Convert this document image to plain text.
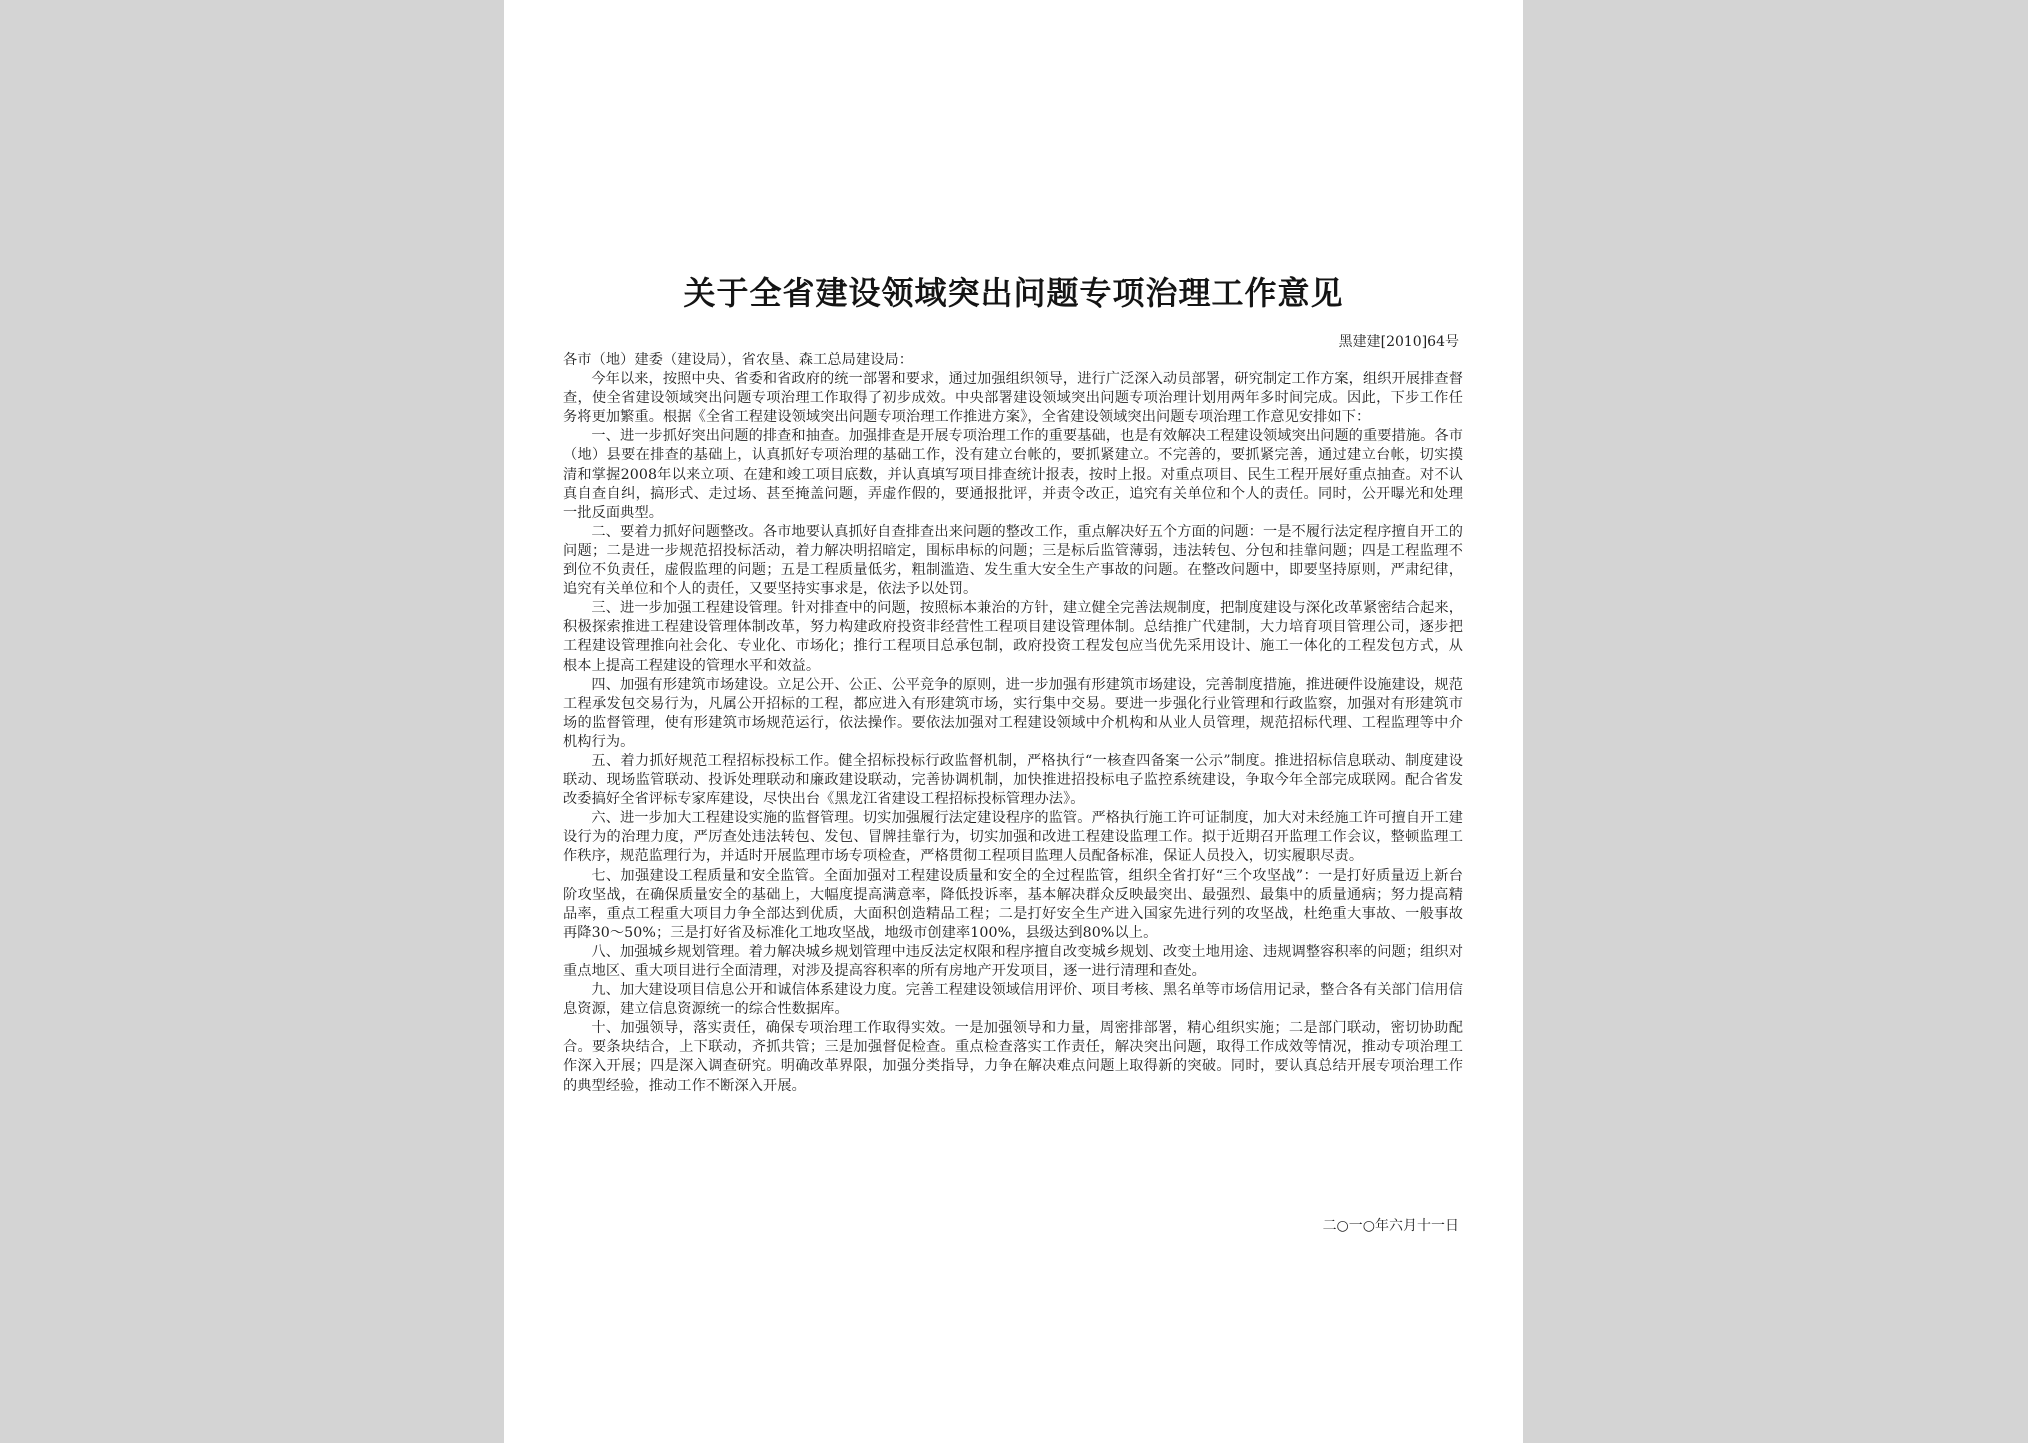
关于全省建设领域突出问题专项治理工作意见
黑建建[2010]64号

各市（地）建委（建设局），省农垦、森工总局建设局：

今年以来，按照中央、省委和省政府的统一部署和要求，通过加强组织领导，进行广泛深入动员部署，研究制定工作方案，组织开展排查督查，使全省建设领域突出问题专项治理工作取得了初步成效。中央部署建设领域突出问题专项治理计划用两年多时间完成。因此，下步工作任务将更加繁重。根据《全省工程建设领域突出问题专项治理工作推进方案》，全省建设领域突出问题专项治理工作意见安排如下：

一、进一步抓好突出问题的排查和抽查。加强排查是开展专项治理工作的重要基础，也是有效解决工程建设领域突出问题的重要措施。各市（地）县要在排查的基础上，认真抓好专项治理的基础工作，没有建立台帐的，要抓紧建立。不完善的，要抓紧完善，通过建立台帐，切实摸清和掌握2008年以来立项、在建和竣工项目底数，并认真填写项目排查统计报表，按时上报。对重点项目、民生工程开展好重点抽查。对不认真自查自纠，搞形式、走过场、甚至掩盖问题，弄虚作假的，要通报批评，并责令改正，追究有关单位和个人的责任。同时，公开曝光和处理一批反面典型。

二、要着力抓好问题整改。各市地要认真抓好自查排查出来问题的整改工作，重点解决好五个方面的问题：一是不履行法定程序擅自开工的问题；二是进一步规范招投标活动，着力解决明招暗定，围标串标的问题；三是标后监管薄弱，违法转包、分包和挂靠问题；四是工程监理不到位不负责任，虚假监理的问题；五是工程质量低劣，粗制滥造、发生重大安全生产事故的问题。在整改问题中，即要坚持原则，严肃纪律，追究有关单位和个人的责任，又要坚持实事求是，依法予以处罚。

三、进一步加强工程建设管理。针对排查中的问题，按照标本兼治的方针，建立健全完善法规制度，把制度建设与深化改革紧密结合起来，积极探索推进工程建设管理体制改革，努力构建政府投资非经营性工程项目建设管理体制。总结推广代建制，大力培育项目管理公司，逐步把工程建设管理推向社会化、专业化、市场化；推行工程项目总承包制，政府投资工程发包应当优先采用设计、施工一体化的工程发包方式，从根本上提高工程建设的管理水平和效益。

四、加强有形建筑市场建设。立足公开、公正、公平竞争的原则，进一步加强有形建筑市场建设，完善制度措施，推进硬件设施建设，规范工程承发包交易行为，凡属公开招标的工程，都应进入有形建筑市场，实行集中交易。要进一步强化行业管理和行政监察，加强对有形建筑市场的监督管理，使有形建筑市场规范运行，依法操作。要依法加强对工程建设领域中介机构和从业人员管理，规范招标代理、工程监理等中介机构行为。

五、着力抓好规范工程招标投标工作。健全招标投标行政监督机制，严格执行“一核查四备案一公示”制度。推进招标信息联动、制度建设联动、现场监管联动、投诉处理联动和廉政建设联动，完善协调机制，加快推进招投标电子监控系统建设，争取今年全部完成联网。配合省发改委搞好全省评标专家库建设，尽快出台《黑龙江省建设工程招标投标管理办法》。

六、进一步加大工程建设实施的监督管理。切实加强履行法定建设程序的监管。严格执行施工许可证制度，加大对未经施工许可擅自开工建设行为的治理力度，严厉查处违法转包、发包、冒牌挂靠行为，切实加强和改进工程建设监理工作。拟于近期召开监理工作会议，整顿监理工作秩序，规范监理行为，并适时开展监理市场专项检查，严格贯彻工程项目监理人员配备标准，保证人员投入，切实履职尽责。

七、加强建设工程质量和安全监管。全面加强对工程建设质量和安全的全过程监管，组织全省打好“三个攻坚战”：一是打好质量迈上新台阶攻坚战，在确保质量安全的基础上，大幅度提高满意率，降低投诉率，基本解决群众反映最突出、最强烈、最集中的质量通病；努力提高精品率，重点工程重大项目力争全部达到优质，大面积创造精品工程；二是打好安全生产进入国家先进行列的攻坚战，杜绝重大事故、一般事故再降30～50%；三是打好省及标准化工地攻坚战，地级市创建率100%，县级达到80%以上。

八、加强城乡规划管理。着力解决城乡规划管理中违反法定权限和程序擅自改变城乡规划、改变土地用途、违规调整容积率的问题；组织对重点地区、重大项目进行全面清理，对涉及提高容积率的所有房地产开发项目，逐一进行清理和查处。

九、加大建设项目信息公开和诚信体系建设力度。完善工程建设领域信用评价、项目考核、黑名单等市场信用记录，整合各有关部门信用信息资源，建立信息资源统一的综合性数据库。

十、加强领导，落实责任，确保专项治理工作取得实效。一是加强领导和力量，周密排部署，精心组织实施；二是部门联动，密切协助配合。要条块结合，上下联动，齐抓共管；三是加强督促检查。重点检查落实工作责任，解决突出问题，取得工作成效等情况，推动专项治理工作深入开展；四是深入调查研究。明确改革界限，加强分类指导，力争在解决难点问题上取得新的突破。同时，要认真总结开展专项治理工作的典型经验，推动工作不断深入开展。

二○一○年六月十一日
